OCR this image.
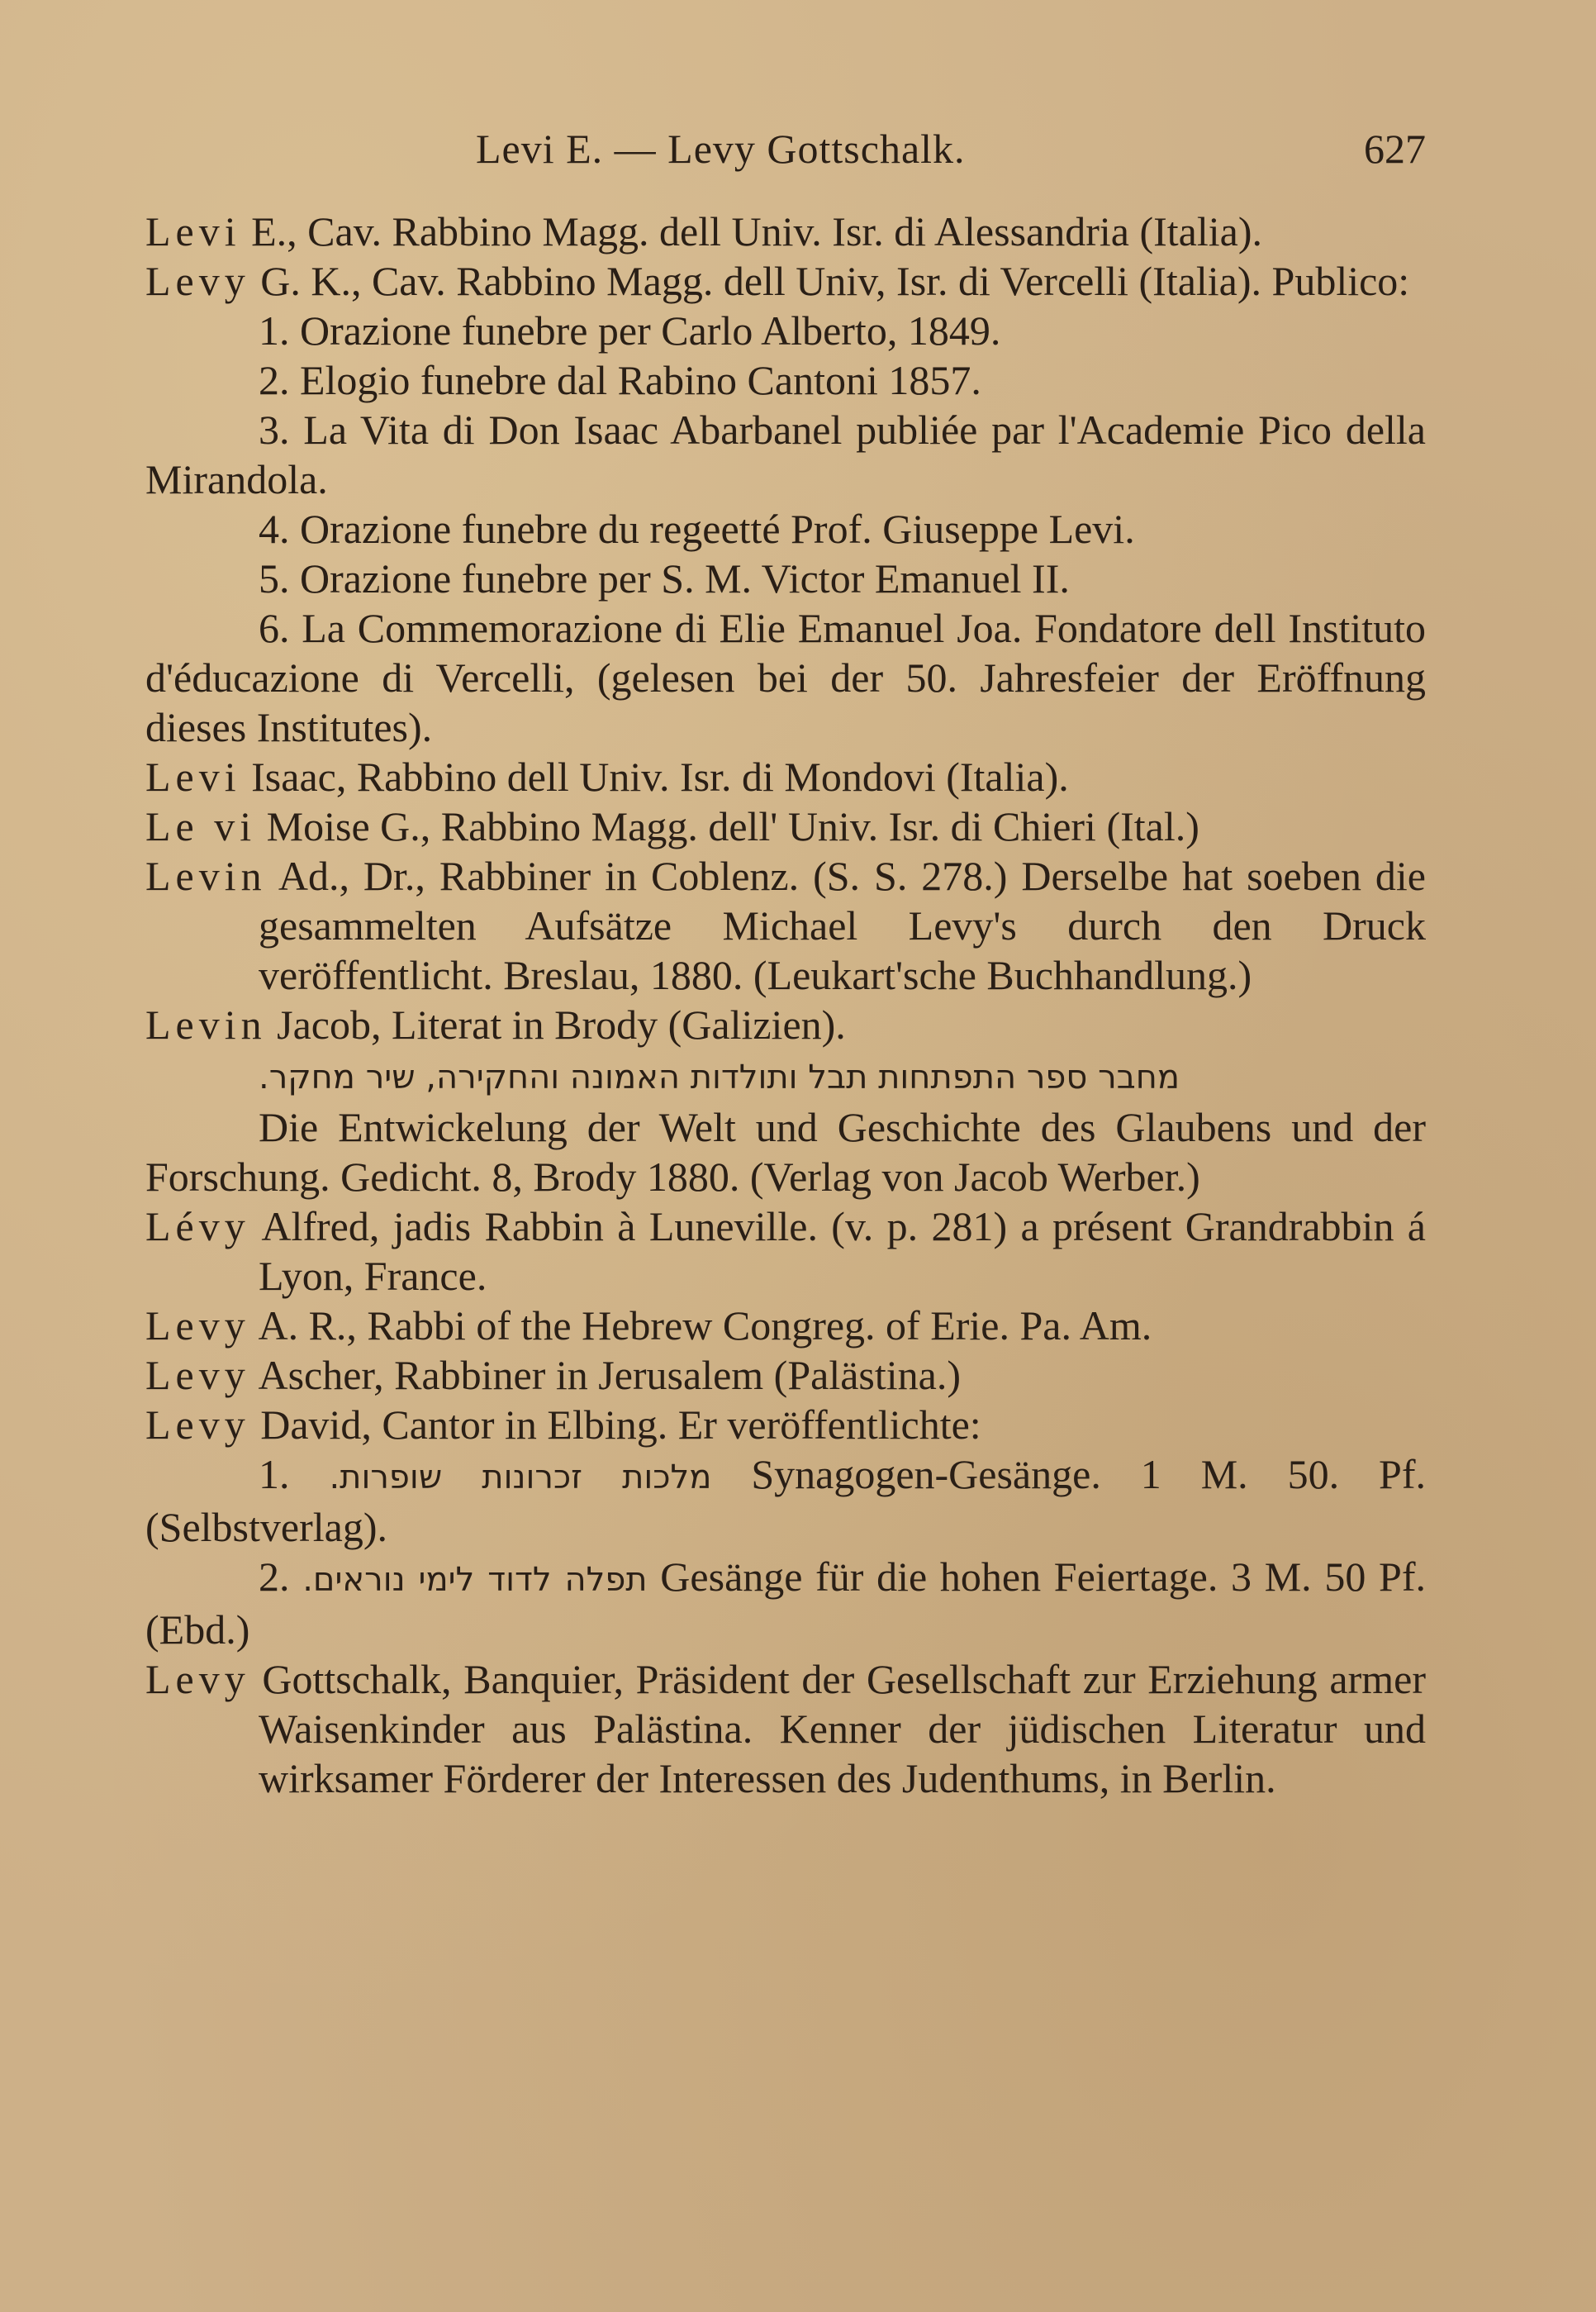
Levi E. — Levy Gottschalk.	627

Levi E., Cav. Rabbino Magg. dell Univ. Isr. di Alessandria (Italia).

Levy G. K., Cav. Rabbino Magg. dell Univ, Isr. di Vercelli (Italia). Publico:

1. Orazione funebre per Carlo Alberto, 1849.

2. Elogio funebre dal Rabino Cantoni 1857.

3. La Vita di Don Isaac Abarbanel publiée par l'Academie Pico della Mirandola.

4. Orazione funebre du regeetté Prof. Giuseppe Levi.

5. Orazione funebre per S. M. Victor Emanuel II.

6. La Commemorazione di Elie Emanuel Joa. Fondatore dell Instituto d'éducazione di Vercelli, (gelesen bei der 50. Jahresfeier der Eröffnung dieses Institutes).

Levi Isaac, Rabbino dell Univ. Isr. di Mondovi (Italia).

Le vi Moise G., Rabbino Magg. dell' Univ. Isr. di Chieri (Ital.)

Levin Ad., Dr., Rabbiner in Coblenz. (S. S. 278.) Derselbe hat soeben die gesammelten Aufsätze Michael Levy's durch den Druck veröffentlicht. Breslau, 1880. (Leukart'sche Buchhandlung.)

Levin Jacob, Literat in Brody (Galizien).

מחבר ספר התפתחות תבל ותולדות האמונה והחקירה, שיר מחקר.

Die Entwickelung der Welt und Geschichte des Glaubens und der Forschung. Gedicht. 8, Brody 1880. (Verlag von Jacob Werber.)

Lévy Alfred, jadis Rabbin à Luneville. (v. p. 281) a présent Grandrabbin á Lyon, France.

Levy A. R., Rabbi of the Hebrew Congreg. of Erie. Pa. Am.

Levy Ascher, Rabbiner in Jerusalem (Palästina.)

Levy David, Cantor in Elbing. Er veröffentlichte:

1. מלכות זכרונות שופרות. Synagogen-Gesänge. 1 M. 50. Pf. (Selbstverlag).

2. תפלה לדוד לימי נוראים. Gesänge für die hohen Feiertage. 3 M. 50 Pf. (Ebd.)

Levy Gottschalk, Banquier, Präsident der Gesellschaft zur Erziehung armer Waisenkinder aus Palästina. Kenner der jüdischen Literatur und wirksamer Förderer der Interessen des Judenthums, in Berlin.
